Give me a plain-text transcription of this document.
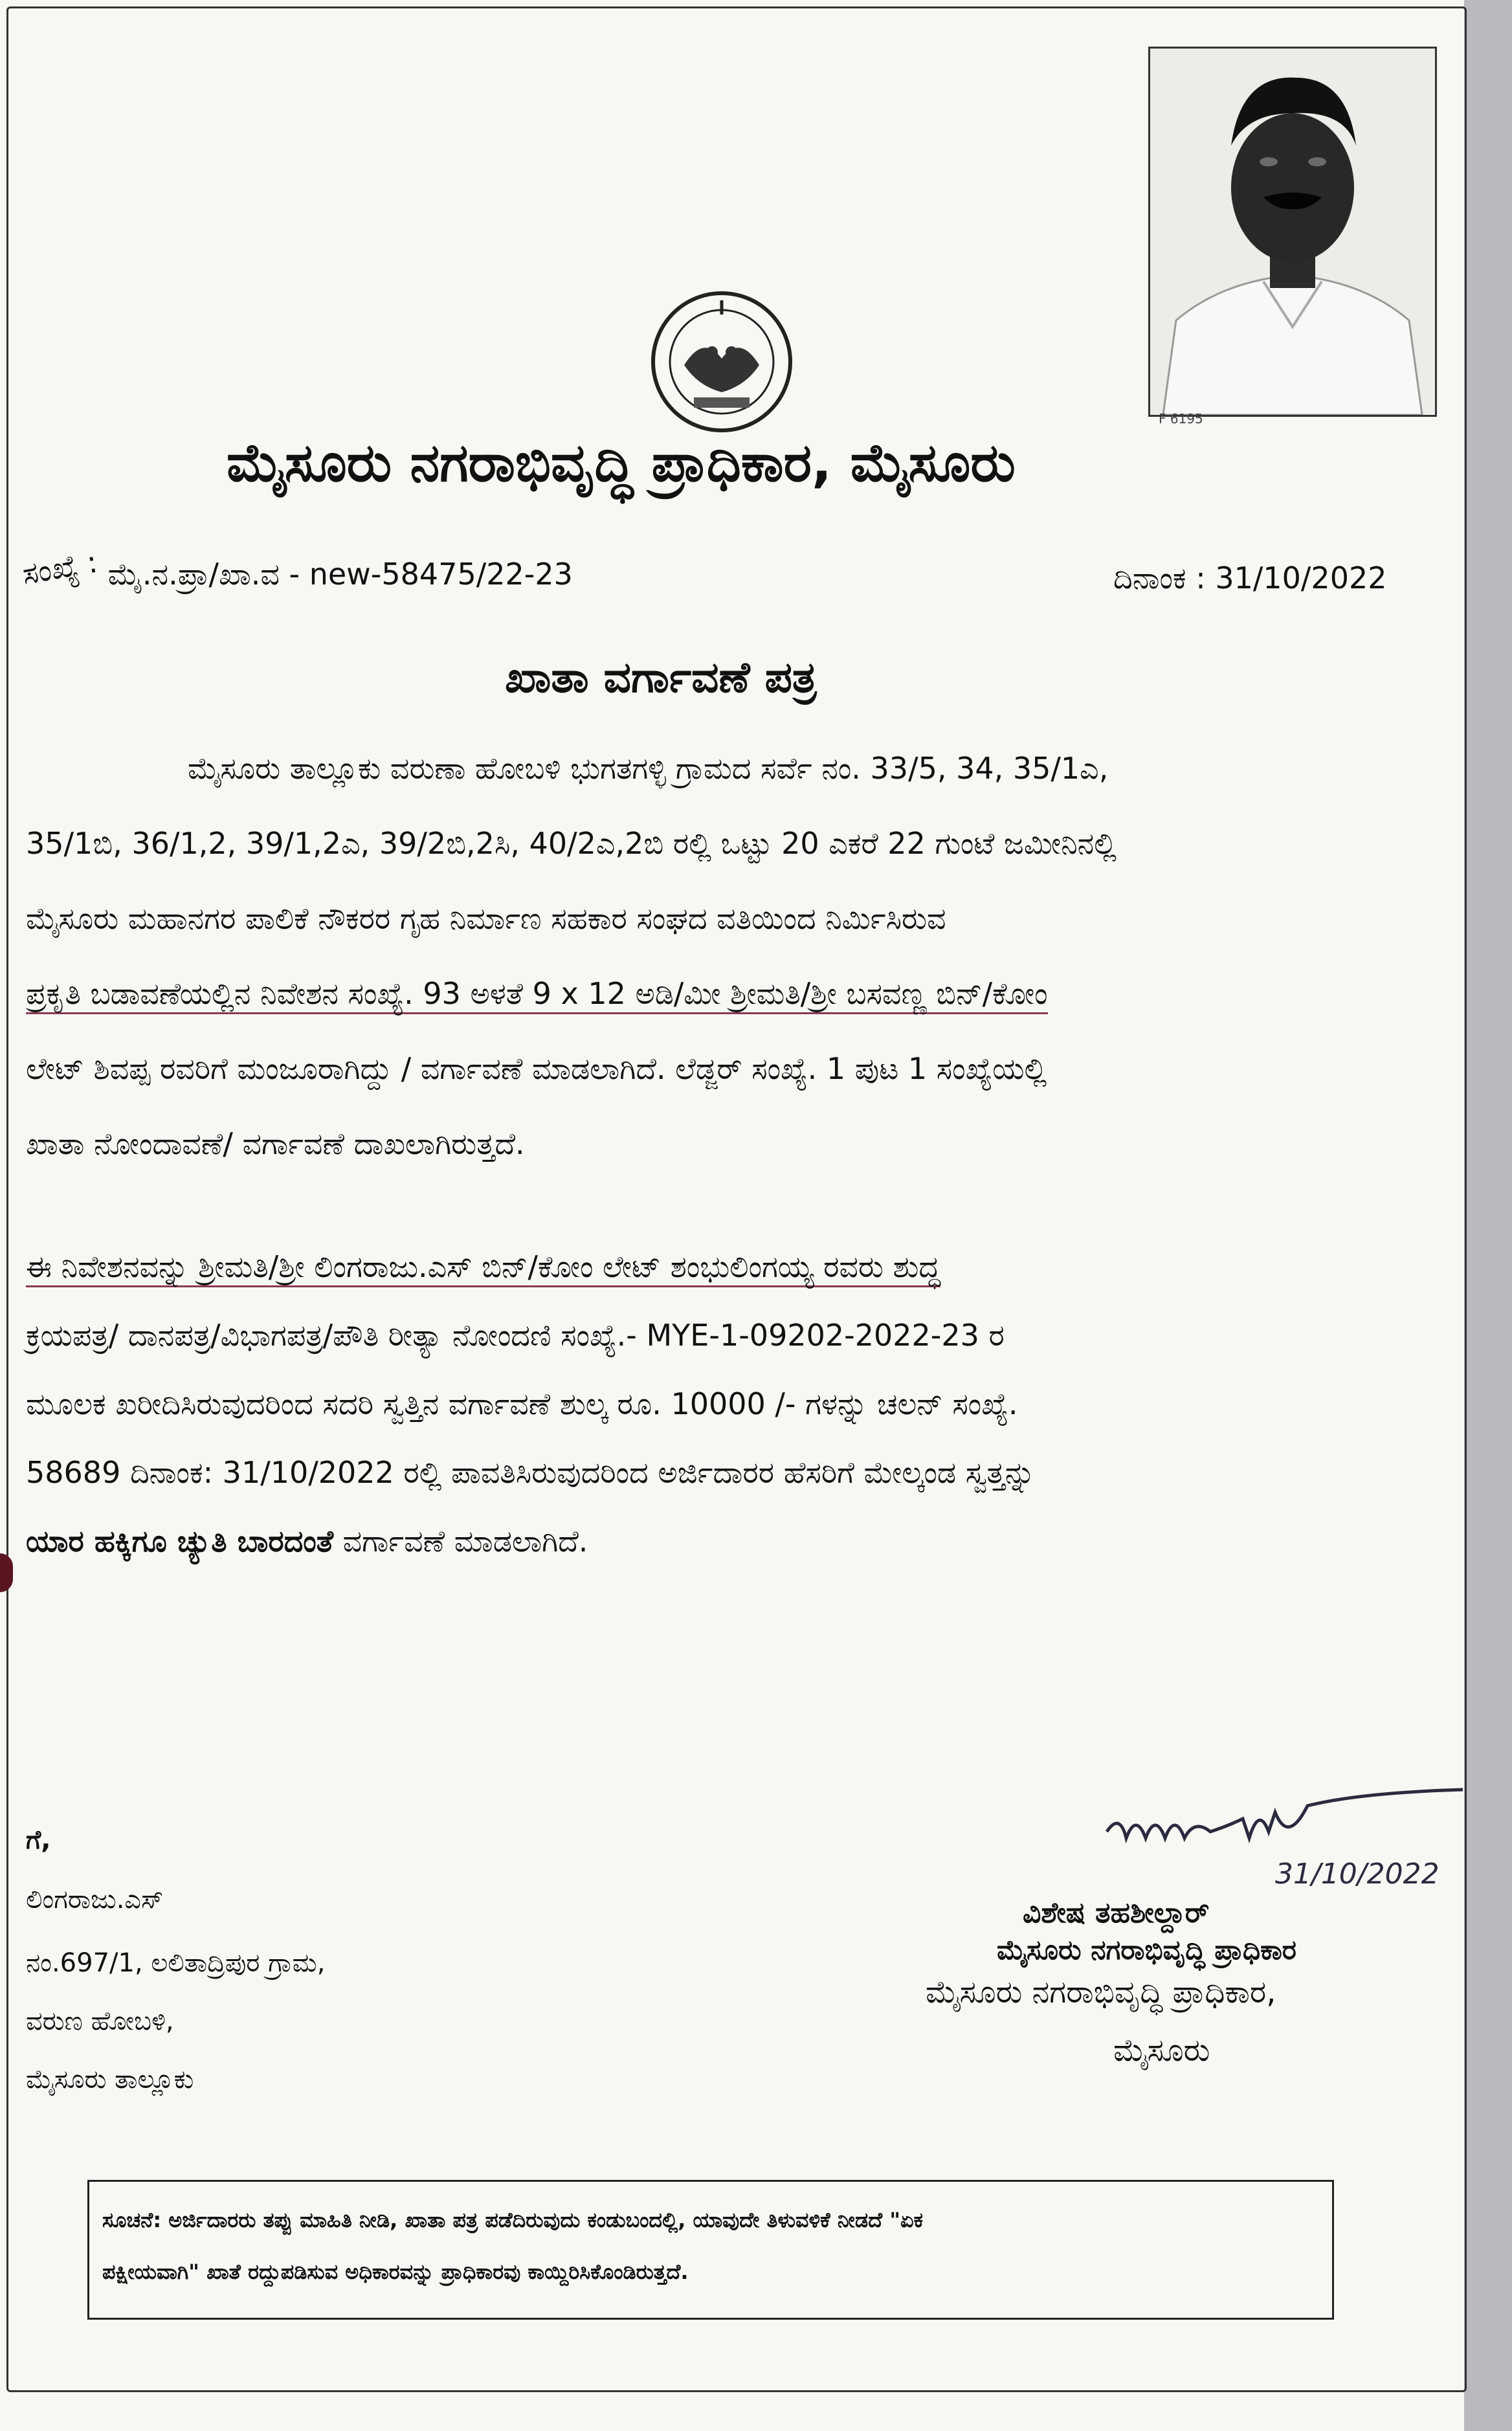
F 6195
ಮೈಸೂರು ನಗರಾಭಿವೃದ್ಧಿ ಪ್ರಾಧಿಕಾರ, ಮೈಸೂರು
ಸಂಖ್ಯೆ : ಮೈ.ನ.ಪ್ರಾ/ಖಾ.ವ - new-58475/22-23	ದಿನಾಂಕ : 31/10/2022
ಖಾತಾ ವರ್ಗಾವಣೆ ಪತ್ರ
ಮೈಸೂರು ತಾಲ್ಲೂಕು ವರುಣಾ ಹೋಬಳಿ ಭುಗತಗಳ್ಳಿ ಗ್ರಾಮದ ಸರ್ವೆ ನಂ. 33/5, 34, 35/1ಎ,
35/1ಬಿ, 36/1,2, 39/1,2ಎ, 39/2ಬಿ,2ಸಿ, 40/2ಎ,2ಬಿ ರಲ್ಲಿ ಒಟ್ಟು 20 ಎಕರೆ 22 ಗುಂಟೆ ಜಮೀನಿನಲ್ಲಿ
ಮೈಸೂರು ಮಹಾನಗರ ಪಾಲಿಕೆ ನೌಕರರ ಗೃಹ ನಿರ್ಮಾಣ ಸಹಕಾರ ಸಂಘದ ವತಿಯಿಂದ ನಿರ್ಮಿಸಿರುವ
ಪ್ರಕೃತಿ ಬಡಾವಣೆಯಲ್ಲಿನ ನಿವೇಶನ ಸಂಖ್ಯೆ. 93 ಅಳತೆ 9 x 12 ಅಡಿ/ಮೀ ಶ್ರೀಮತಿ/ಶ್ರೀ ಬಸವಣ್ಣ ಬಿನ್/ಕೋಂ
ಲೇಟ್ ಶಿವಪ್ಪ ರವರಿಗೆ ಮಂಜೂರಾಗಿದ್ದು / ವರ್ಗಾವಣೆ ಮಾಡಲಾಗಿದೆ. ಲೆಡ್ಜರ್ ಸಂಖ್ಯೆ. 1 ಪುಟ 1 ಸಂಖ್ಯೆಯಲ್ಲಿ
ಖಾತಾ ನೋಂದಾವಣೆ/ ವರ್ಗಾವಣೆ ದಾಖಲಾಗಿರುತ್ತದೆ.
ಈ ನಿವೇಶನವನ್ನು ಶ್ರೀಮತಿ/ಶ್ರೀ ಲಿಂಗರಾಜು.ಎಸ್ ಬಿನ್/ಕೋಂ ಲೇಟ್ ಶಂಭುಲಿಂಗಯ್ಯ ರವರು ಶುದ್ಧ
ಕ್ರಯಪತ್ರ/ ದಾನಪತ್ರ/ವಿಭಾಗಪತ್ರ/ಪೌತಿ ರೀತ್ಯಾ ನೋಂದಣಿ ಸಂಖ್ಯೆ.- MYE-1-09202-2022-23 ರ
ಮೂಲಕ ಖರೀದಿಸಿರುವುದರಿಂದ ಸದರಿ ಸ್ವತ್ತಿನ ವರ್ಗಾವಣೆ ಶುಲ್ಕ ರೂ. 10000 /- ಗಳನ್ನು ಚಲನ್ ಸಂಖ್ಯೆ.
58689 ದಿನಾಂಕ: 31/10/2022 ರಲ್ಲಿ ಪಾವತಿಸಿರುವುದರಿಂದ ಅರ್ಜಿದಾರರ ಹೆಸರಿಗೆ ಮೇಲ್ಕಂಡ ಸ್ವತ್ತನ್ನು
ಯಾರ ಹಕ್ಕಿಗೂ ಚ್ಯುತಿ ಬಾರದಂತೆ ವರ್ಗಾವಣೆ ಮಾಡಲಾಗಿದೆ.
ಗೆ,
ಲಿಂಗರಾಜು.ಎಸ್
ನಂ.697/1, ಲಲಿತಾದ್ರಿಪುರ ಗ್ರಾಮ,
ವರುಣ ಹೋಬಳಿ,
ಮೈಸೂರು ತಾಲ್ಲೂಕು
31/10/2022
ವಿಶೇಷ ತಹಶೀಲ್ದಾರ್
ಮೈಸೂರು ನಗರಾಭಿವೃದ್ಧಿ ಪ್ರಾಧಿಕಾರ
ಮೈಸೂರು ನಗರಾಭಿವೃದ್ಧಿ ಪ್ರಾಧಿಕಾರ,
ಮೈಸೂರು
ಸೂಚನೆ: ಅರ್ಜಿದಾರರು ತಪ್ಪು ಮಾಹಿತಿ ನೀಡಿ, ಖಾತಾ ಪತ್ರ ಪಡೆದಿರುವುದು ಕಂಡುಬಂದಲ್ಲಿ, ಯಾವುದೇ ತಿಳುವಳಿಕೆ ನೀಡದೆ "ಏಕ
ಪಕ್ಷೀಯವಾಗಿ" ಖಾತೆ ರದ್ದುಪಡಿಸುವ ಅಧಿಕಾರವನ್ನು ಪ್ರಾಧಿಕಾರವು ಕಾಯ್ದಿರಿಸಿಕೊಂಡಿರುತ್ತದೆ.
